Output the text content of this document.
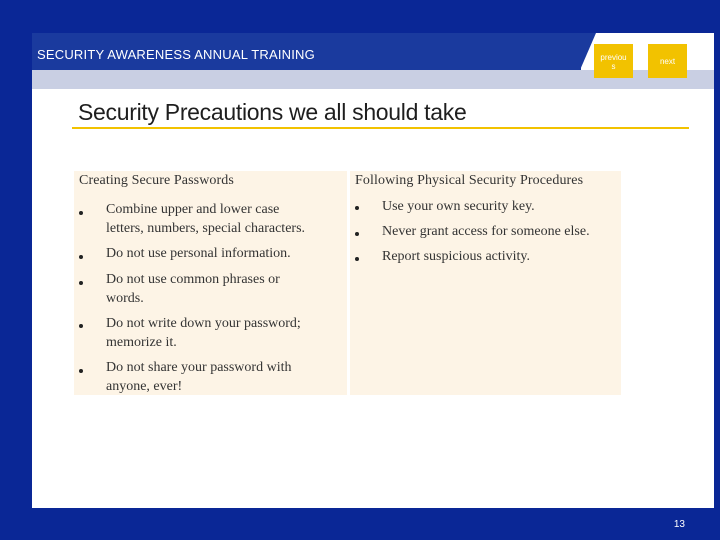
SECURITY AWARENESS ANNUAL TRAINING	previou
s
next
Security Precautions we all should take
Creating Secure Passwords
Combine upper and lower case
letters, numbers, special characters.
Do not use personal information.
Do not use common phrases or
words.
Do not write down your password;
memorize it.
Do not share your password with
anyone, ever!
Following Physical Security Procedures
Use your own security key.
Never grant access for someone else.
Report suspicious activity.
13
